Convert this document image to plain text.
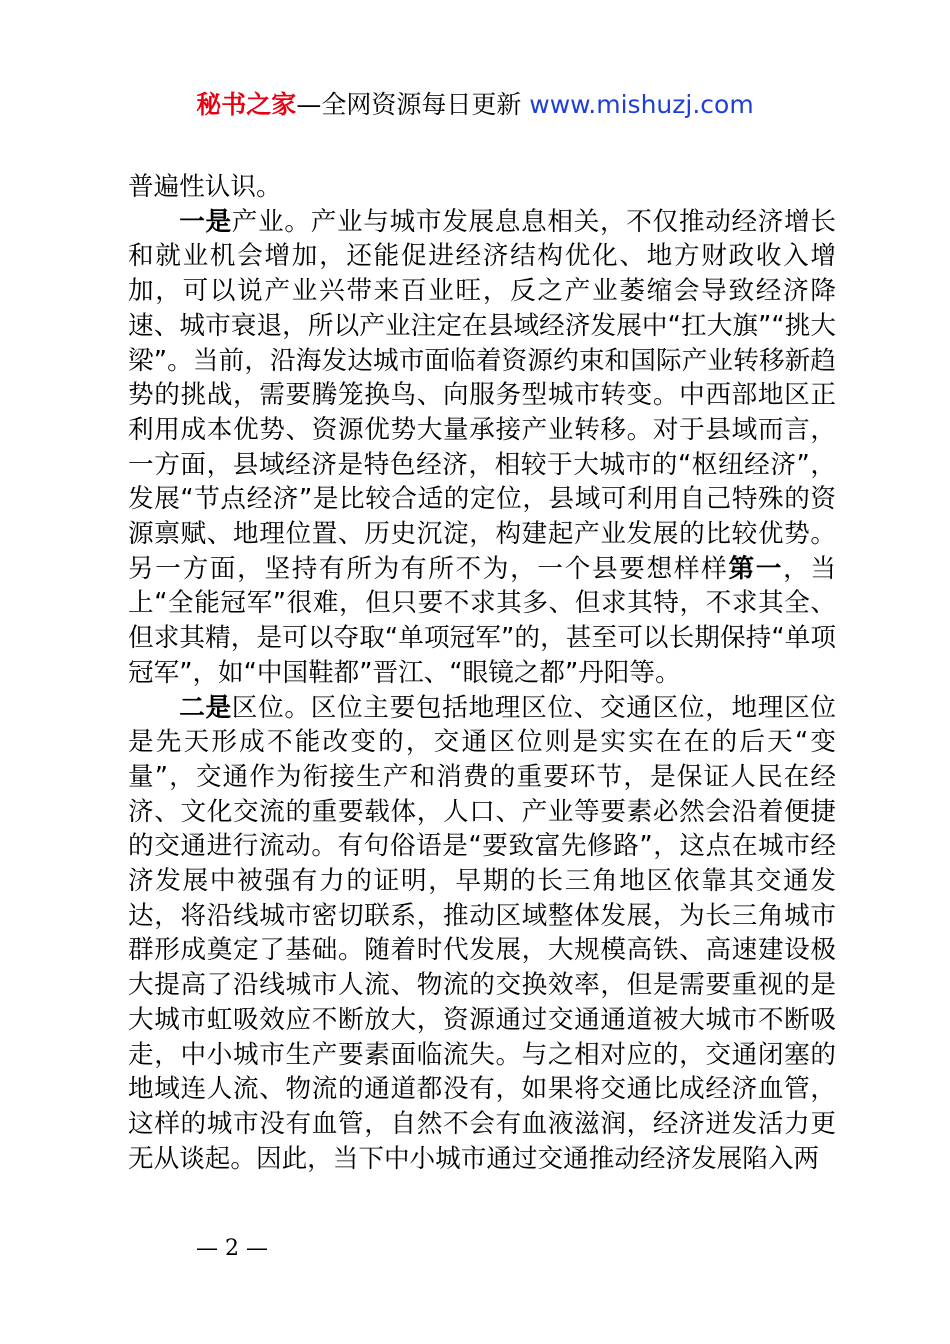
秘书之家—全网资源每日更新 www.mishuzj.com

普遍性认识。

一是产业。产业与城市发展息息相关，不仅推动经济增长和就业机会增加，还能促进经济结构优化、地方财政收入增加，可以说产业兴带来百业旺，反之产业萎缩会导致经济降速、城市衰退，所以产业注定在县域经济发展中“扛大旗”“挑大梁”。当前，沿海发达城市面临着资源约束和国际产业转移新趋势的挑战，需要腾笼换鸟、向服务型城市转变。中西部地区正利用成本优势、资源优势大量承接产业转移。对于县域而言，一方面，县域经济是特色经济，相较于大城市的“枢纽经济”，发展“节点经济”是比较合适的定位，县域可利用自己特殊的资源禀赋、地理位置、历史沉淀，构建起产业发展的比较优势。另一方面，坚持有所为有所不为，一个县要想样样第一，当上“全能冠军”很难，但只要不求其多、但求其特，不求其全、但求其精，是可以夺取“单项冠军”的，甚至可以长期保持“单项冠军”，如“中国鞋都”晋江、“眼镜之都”丹阳等。

二是区位。区位主要包括地理区位、交通区位，地理区位是先天形成不能改变的，交通区位则是实实在在的后天“变量”，交通作为衔接生产和消费的重要环节，是保证人民在经济、文化交流的重要载体，人口、产业等要素必然会沿着便捷的交通进行流动。有句俗语是“要致富先修路”，这点在城市经济发展中被强有力的证明，早期的长三角地区依靠其交通发达，将沿线城市密切联系，推动区域整体发展，为长三角城市群形成奠定了基础。随着时代发展，大规模高铁、高速建设极大提高了沿线城市人流、物流的交换效率，但是需要重视的是大城市虹吸效应不断放大，资源通过交通通道被大城市不断吸走，中小城市生产要素面临流失。与之相对应的，交通闭塞的地域连人流、物流的通道都没有，如果将交通比成经济血管，这样的城市没有血管，自然不会有血液滋润，经济迸发活力更无从谈起。因此，当下中小城市通过交通推动经济发展陷入两

— 2 —
